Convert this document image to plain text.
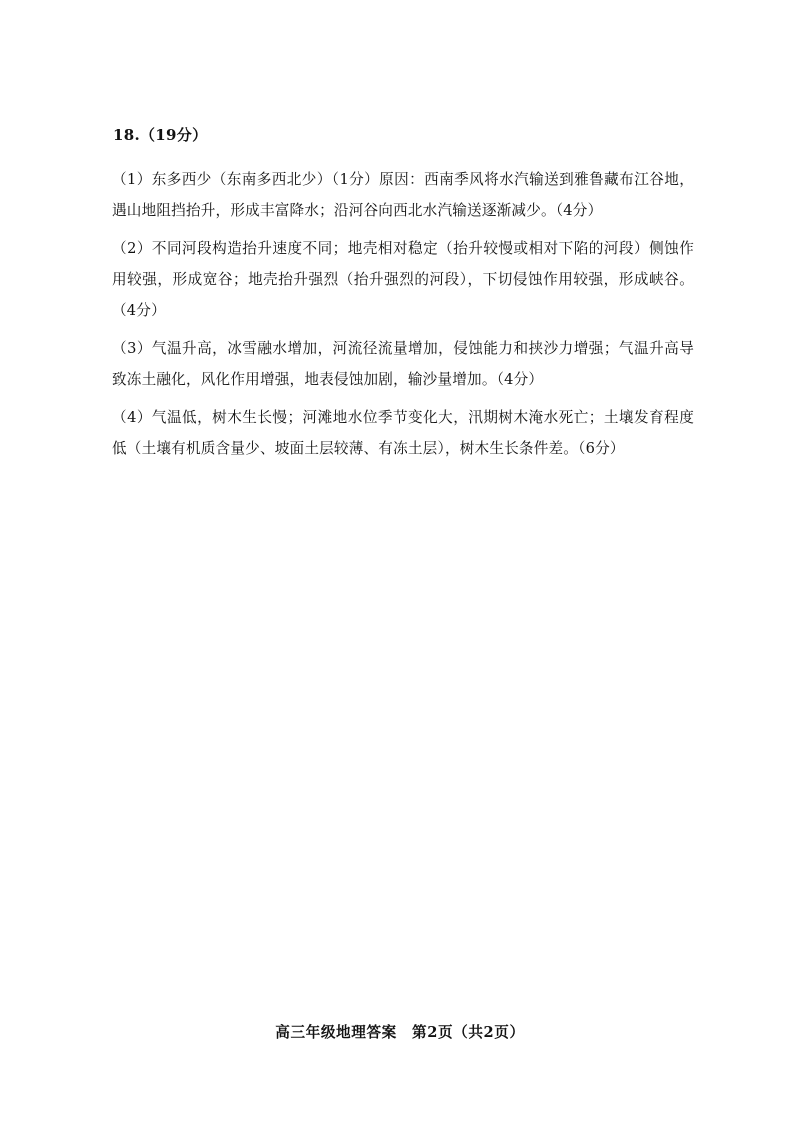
18.（19分）

（1）东多西少（东南多西北少）（1分）原因：西南季风将水汽输送到雅鲁藏布江谷地，遇山地阻挡抬升，形成丰富降水；沿河谷向西北水汽输送逐渐减少。（4分）

（2）不同河段构造抬升速度不同；地壳相对稳定（抬升较慢或相对下陷的河段）侧蚀作用较强，形成宽谷；地壳抬升强烈（抬升强烈的河段），下切侵蚀作用较强，形成峡谷。（4分）

（3）气温升高，冰雪融水增加，河流径流量增加，侵蚀能力和挟沙力增强；气温升高导致冻土融化，风化作用增强，地表侵蚀加剧，输沙量增加。（4分）

（4）气温低，树木生长慢；河滩地水位季节变化大，汛期树木淹水死亡；土壤发育程度低（土壤有机质含量少、坡面土层较薄、有冻土层），树木生长条件差。（6分）

高三年级地理答案　第2页（共2页）
